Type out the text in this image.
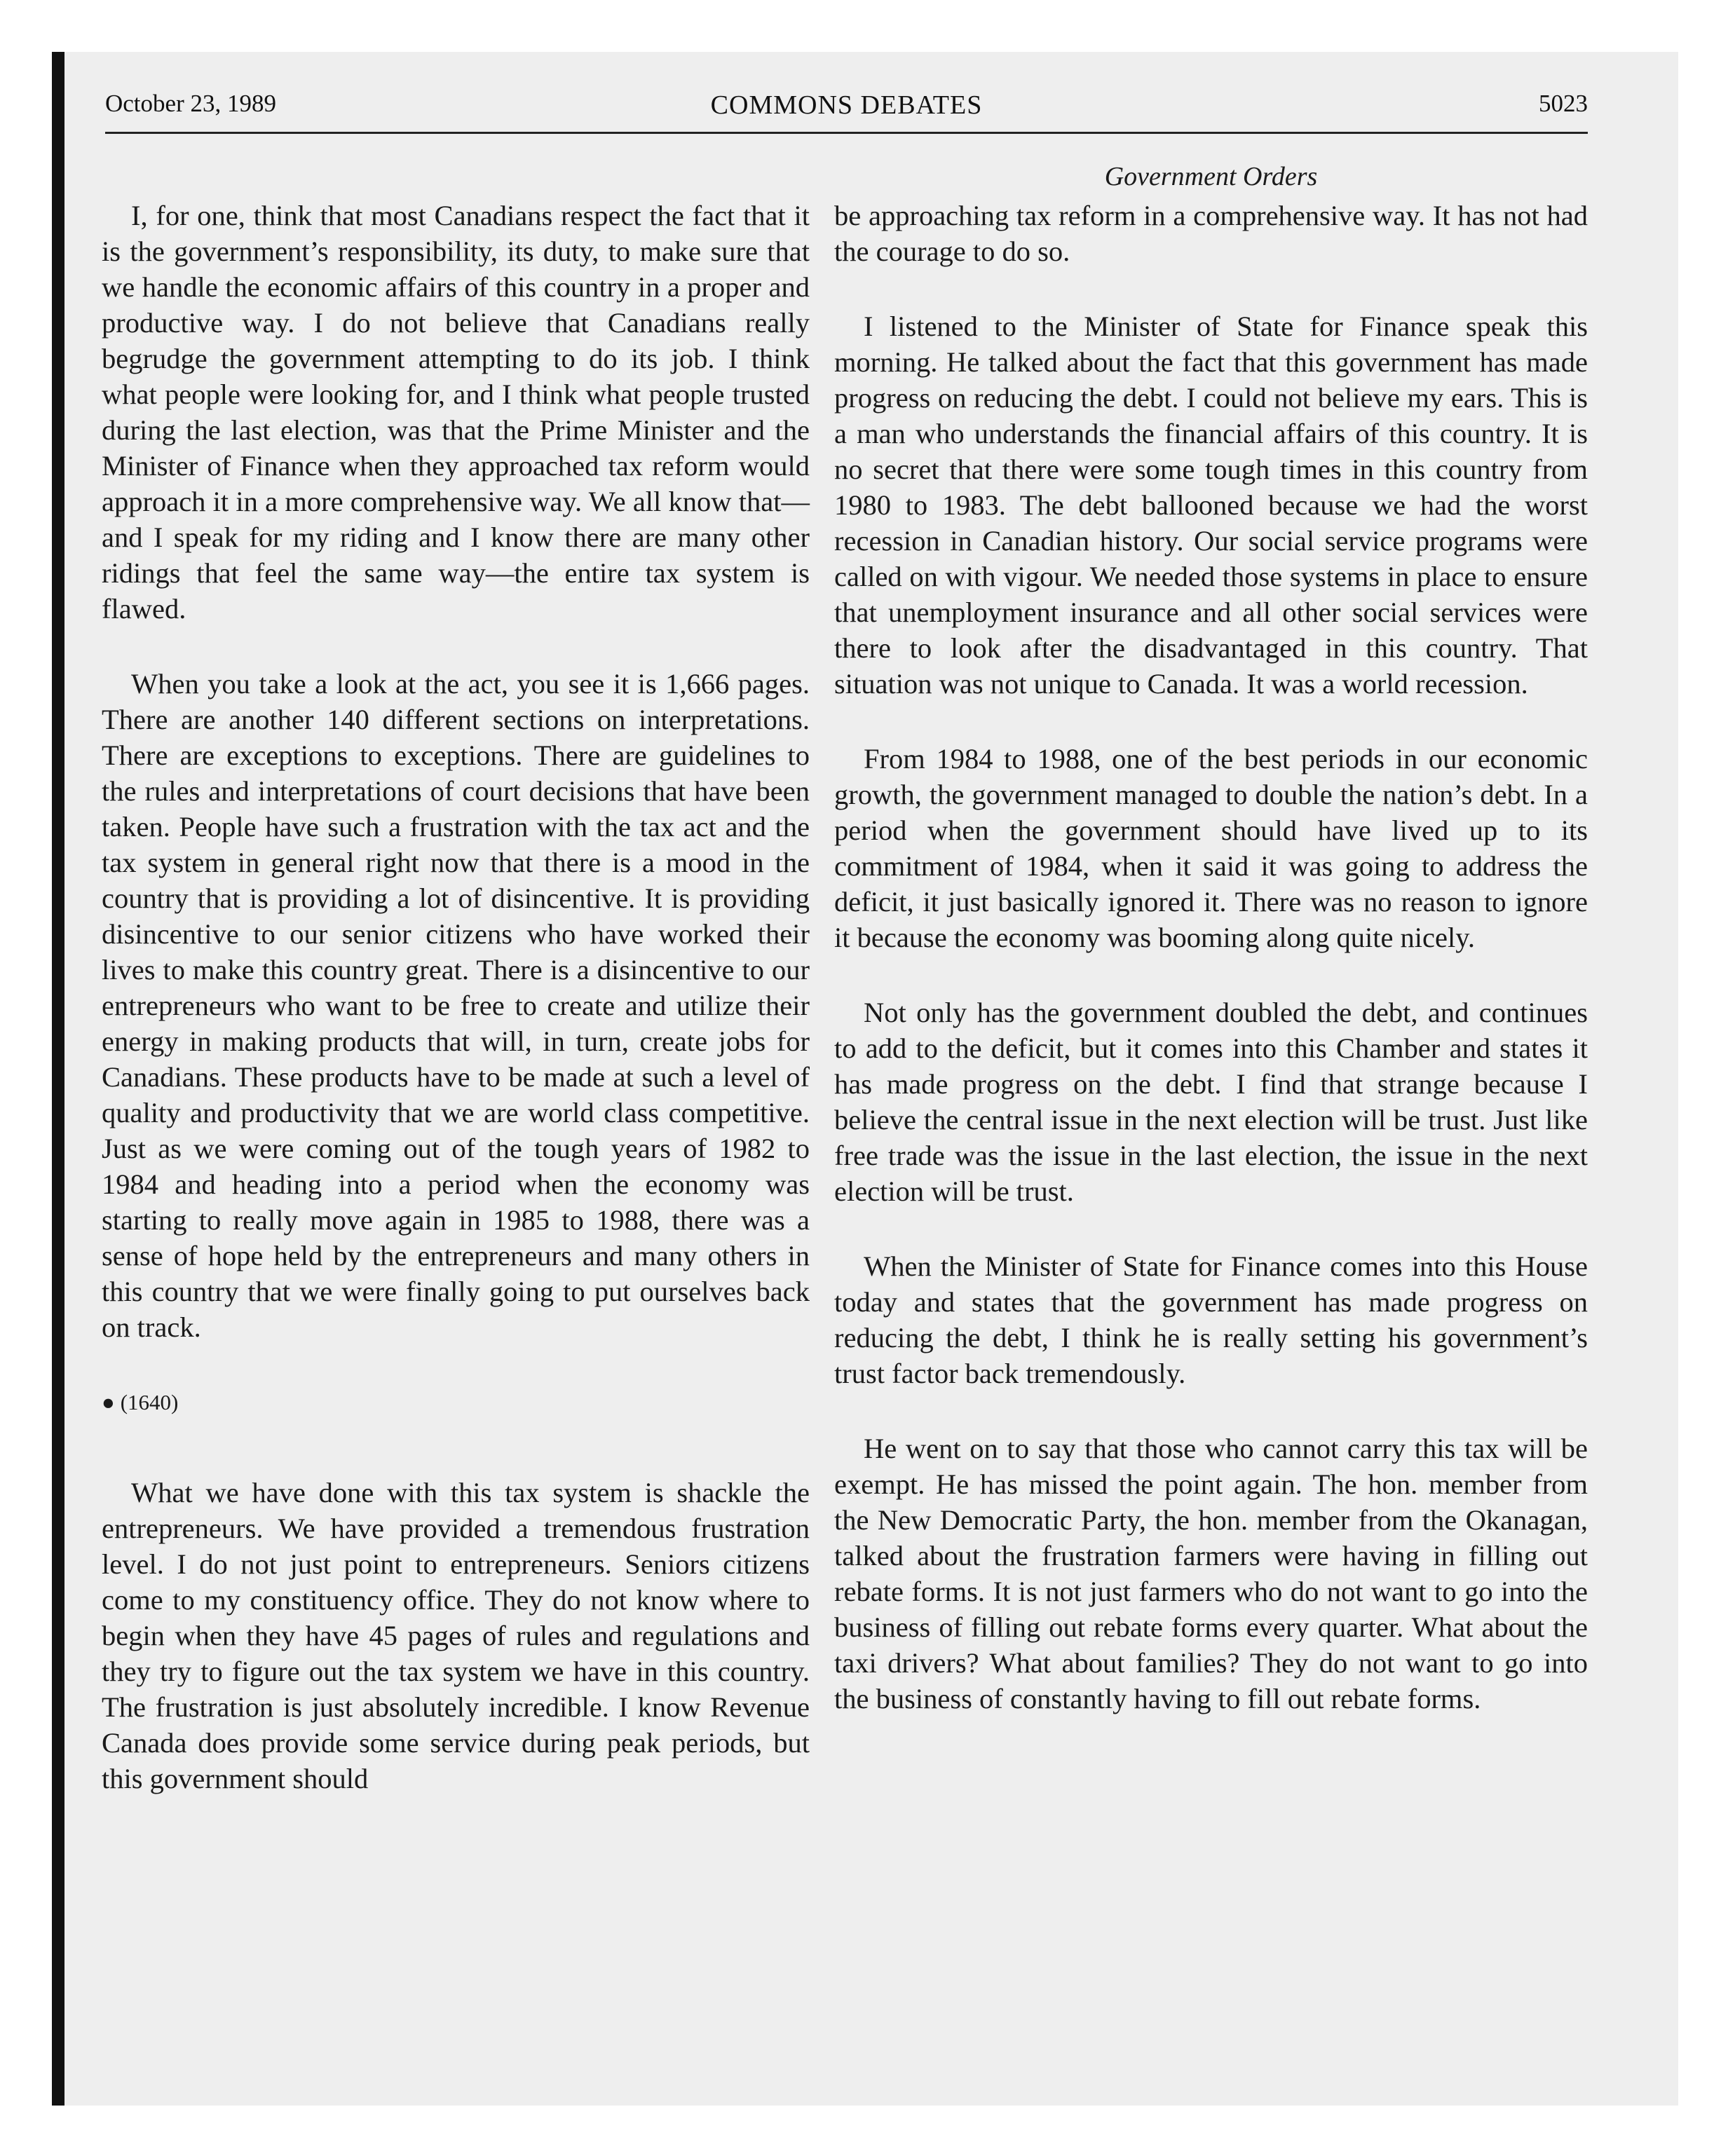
October 23, 1989	COMMONS DEBATES	5023
Government Orders

I, for one, think that most Canadians respect the fact that it is the government’s responsibility, its duty, to make sure that we handle the economic affairs of this country in a proper and productive way. I do not believe that Canadians really begrudge the government attempting to do its job. I think what people were looking for, and I think what people trusted during the last election, was that the Prime Minister and the Minister of Finance when they approached tax reform would approach it in a more comprehensive way. We all know that—and I speak for my riding and I know there are many other ridings that feel the same way—the entire tax system is flawed.

When you take a look at the act, you see it is 1,666 pages. There are another 140 different sections on interpretations. There are exceptions to exceptions. There are guidelines to the rules and interpretations of court decisions that have been taken. People have such a frustration with the tax act and the tax system in general right now that there is a mood in the country that is providing a lot of disincentive. It is providing disincentive to our senior citizens who have worked their lives to make this country great. There is a disincentive to our entrepreneurs who want to be free to create and utilize their energy in making products that will, in turn, create jobs for Canadians. These products have to be made at such a level of quality and productivity that we are world class competitive. Just as we were coming out of the tough years of 1982 to 1984 and heading into a period when the economy was starting to really move again in 1985 to 1988, there was a sense of hope held by the entrepreneurs and many others in this country that we were finally going to put ourselves back on track.

● (1640)

What we have done with this tax system is shackle the entrepreneurs. We have provided a tremendous frustration level. I do not just point to entrepreneurs. Seniors citizens come to my constituency office. They do not know where to begin when they have 45 pages of rules and regulations and they try to figure out the tax system we have in this country. The frustration is just absolutely incredible. I know Revenue Canada does provide some service during peak periods, but this government should

be approaching tax reform in a comprehensive way. It has not had the courage to do so.

I listened to the Minister of State for Finance speak this morning. He talked about the fact that this government has made progress on reducing the debt. I could not believe my ears. This is a man who understands the financial affairs of this country. It is no secret that there were some tough times in this country from 1980 to 1983. The debt ballooned because we had the worst recession in Canadian history. Our social service programs were called on with vigour. We needed those systems in place to ensure that unemployment insurance and all other social services were there to look after the disadvantaged in this country. That situation was not unique to Canada. It was a world recession.

From 1984 to 1988, one of the best periods in our economic growth, the government managed to double the nation’s debt. In a period when the government should have lived up to its commitment of 1984, when it said it was going to address the deficit, it just basically ignored it. There was no reason to ignore it because the economy was booming along quite nicely.

Not only has the government doubled the debt, and continues to add to the deficit, but it comes into this Chamber and states it has made progress on the debt. I find that strange because I believe the central issue in the next election will be trust. Just like free trade was the issue in the last election, the issue in the next election will be trust.

When the Minister of State for Finance comes into this House today and states that the government has made progress on reducing the debt, I think he is really setting his government’s trust factor back tremendously.

He went on to say that those who cannot carry this tax will be exempt. He has missed the point again. The hon. member from the New Democratic Party, the hon. member from the Okanagan, talked about the frustration farmers were having in filling out rebate forms. It is not just farmers who do not want to go into the business of filling out rebate forms every quarter. What about the taxi drivers? What about families? They do not want to go into the business of constantly having to fill out rebate forms.
